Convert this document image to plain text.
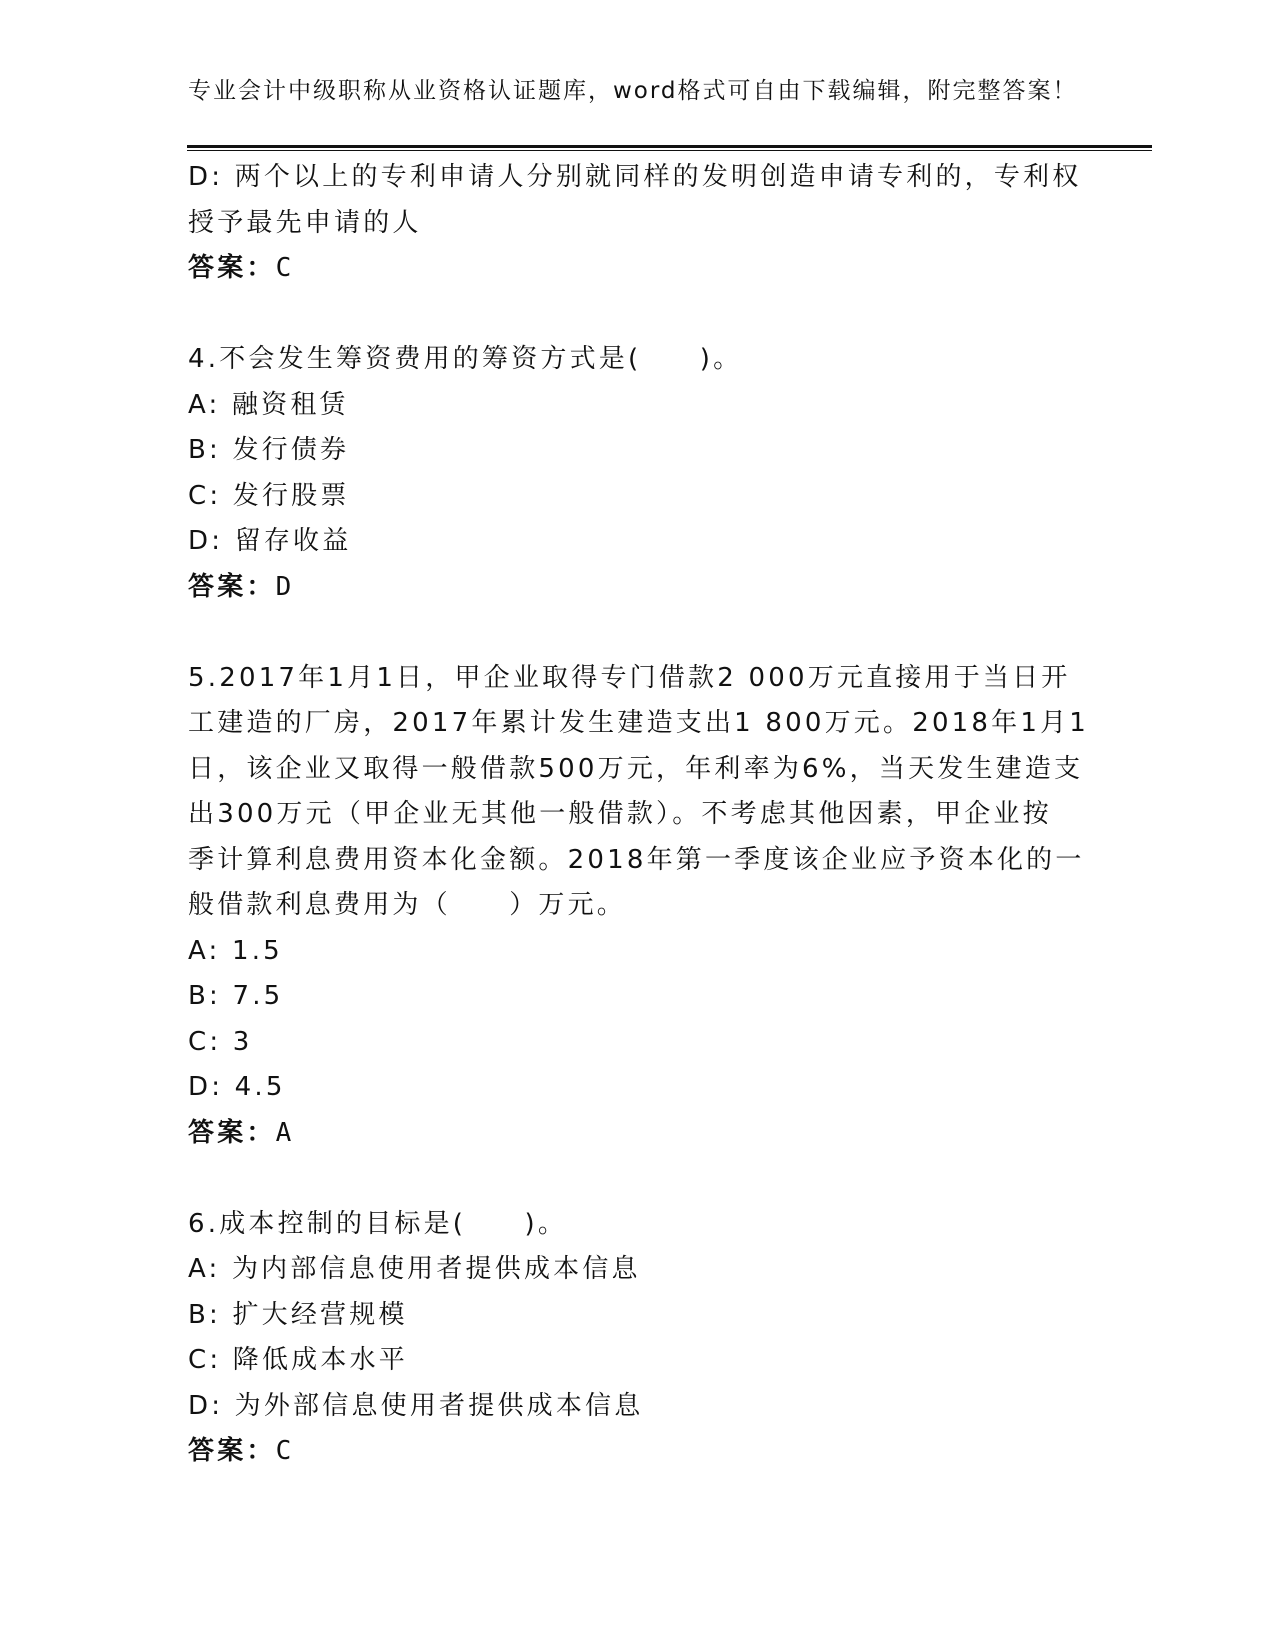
专业会计中级职称从业资格认证题库，word格式可自由下载编辑，附完整答案！
D: 两个以上的专利申请人分别就同样的发明创造申请专利的，专利权
授予最先申请的人
答案：C
4.不会发生筹资费用的筹资方式是(　　)。
A: 融资租赁
B: 发行债券
C: 发行股票
D: 留存收益
答案：D
5.2017年1月1日，甲企业取得专门借款2 000万元直接用于当日开
工建造的厂房，2017年累计发生建造支出1 800万元。2018年1月1
日，该企业又取得一般借款500万元，年利率为6%，当天发生建造支
出300万元（甲企业无其他一般借款）。不考虑其他因素，甲企业按
季计算利息费用资本化金额。2018年第一季度该企业应予资本化的一
般借款利息费用为（　　）万元。
A: 1.5
B: 7.5
C: 3
D: 4.5
答案：A
6.成本控制的目标是(　　)。
A: 为内部信息使用者提供成本信息
B: 扩大经营规模
C: 降低成本水平
D: 为外部信息使用者提供成本信息
答案：C
